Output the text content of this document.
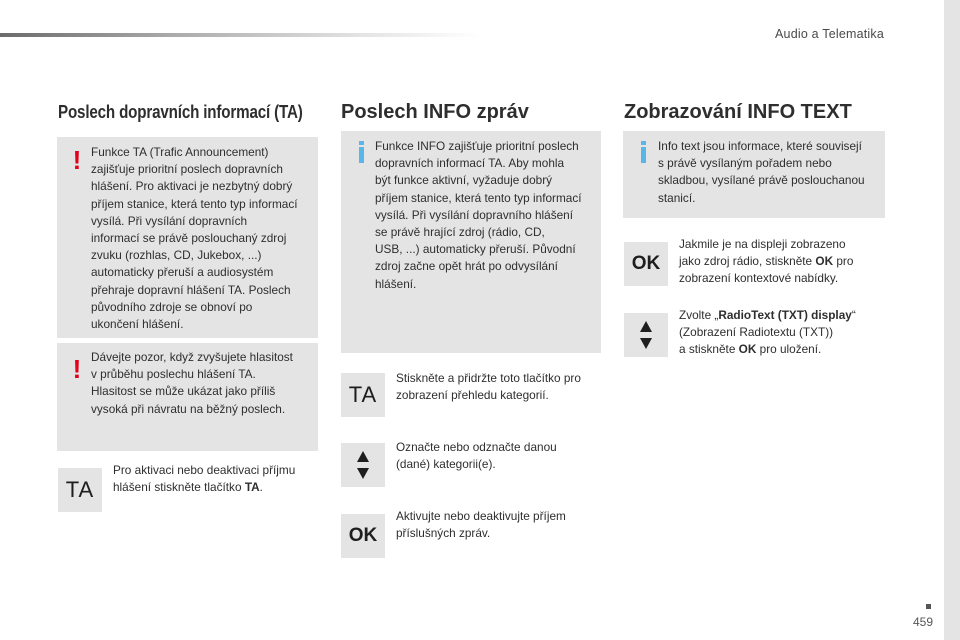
Audio a Telematika
Poslech dopravních informací (TA)
! Funkce TA (Trafic Announcement)
zajišťuje prioritní poslech dopravních
hlášení. Pro aktivaci je nezbytný dobrý
příjem stanice, která tento typ informací
vysílá. Při vysílání dopravních
informací se právě poslouchaný zdroj
zvuku (rozhlas, CD, Jukebox, ...)
automaticky přeruší a audiosystém
přehraje dopravní hlášení TA. Poslech
původního zdroje se obnoví po
ukončení hlášení.
! Dávejte pozor, když zvyšujete hlasitost
v průběhu poslechu hlášení TA.
Hlasitost se může ukázat jako příliš
vysoká při návratu na běžný poslech.
TA
Pro aktivaci nebo deaktivaci příjmu
hlášení stiskněte tlačítko TA.
Poslech INFO zpráv
Funkce INFO zajišťuje prioritní poslech
dopravních informací TA. Aby mohla
být funkce aktivní, vyžaduje dobrý
příjem stanice, která tento typ informací
vysílá. Při vysílání dopravního hlášení
se právě hrající zdroj (rádio, CD,
USB, ...) automaticky přeruší. Původní
zdroj začne opět hrát po odvysílání
hlášení.
TA
Stiskněte a přidržte toto tlačítko pro
zobrazení přehledu kategorií.
Označte nebo odznačte danou
(dané) kategorii(e).
OK
Aktivujte nebo deaktivujte příjem
příslušných zpráv.
Zobrazování INFO TEXT
Info text jsou informace, které souvisejí
s právě vysílaným pořadem nebo
skladbou, vysílané právě poslouchanou
stanicí.
OK
Jakmile je na displeji zobrazeno
jako zdroj rádio, stiskněte OK pro
zobrazení kontextové nabídky.
Zvolte „RadioText (TXT) display“
(Zobrazení Radiotextu (TXT))
a stiskněte OK pro uložení.
459
